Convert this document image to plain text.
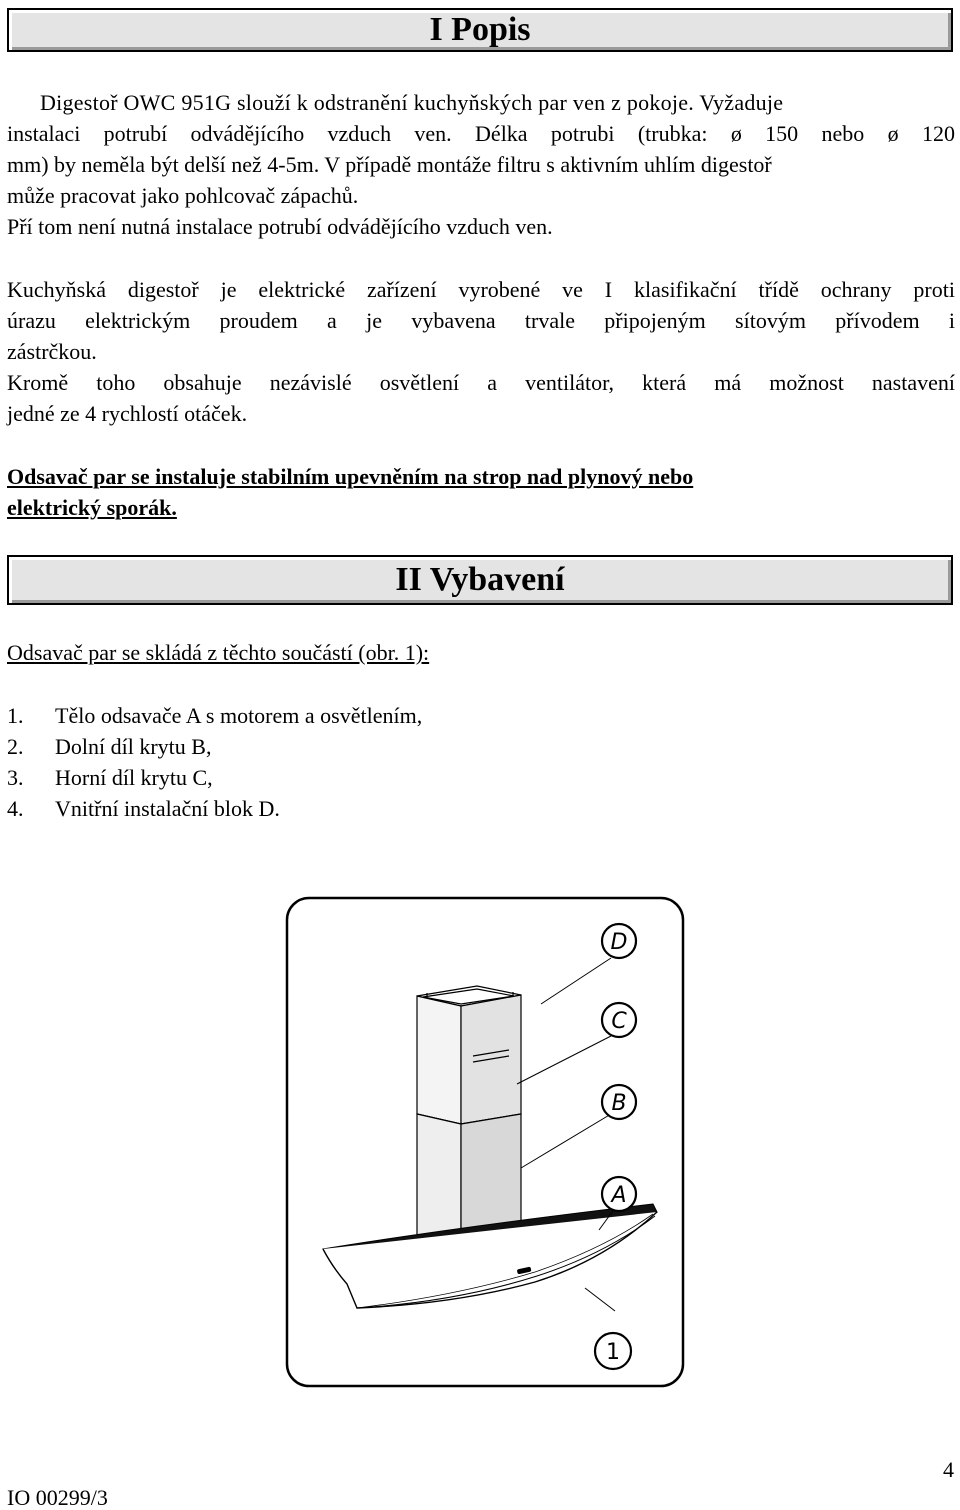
I Popis
Digestoř OWC 951G slouží k odstranění kuchyňských par ven z pokoje. Vyžaduje
instalaci potrubí odvádějícího vzduch ven. Délka potrubi (trubka: ø 150 nebo ø 120
mm) by neměla být delší než 4-5m. V případě montáže filtru s aktivním uhlím digestoř
může pracovat jako pohlcovač zápachů.
Pří tom není nutná instalace potrubí odvádějícího vzduch ven.
Kuchyňská digestoř je elektrické zařízení vyrobené ve I klasifikační třídě ochrany proti
úrazu elektrickým proudem a je vybavena trvale připojeným sítovým přívodem i
zástrčkou.
Kromě toho obsahuje nezávislé osvětlení a ventilátor, která má možnost nastavení
jedné ze 4 rychlostí otáček.
Odsavač par se instaluje stabilním upevněním na strop nad plynový nebo
elektrický sporák.
II Vybavení
Odsavač par se skládá z těchto součástí (obr. 1):
1.	Tělo odsavače A s motorem a osvětlením,
2.	Dolní díl krytu B,
3.	Horní díl krytu C,
4.	Vnitřní instalační blok D.
D
C
B
A
1
IO 00299/3
4
